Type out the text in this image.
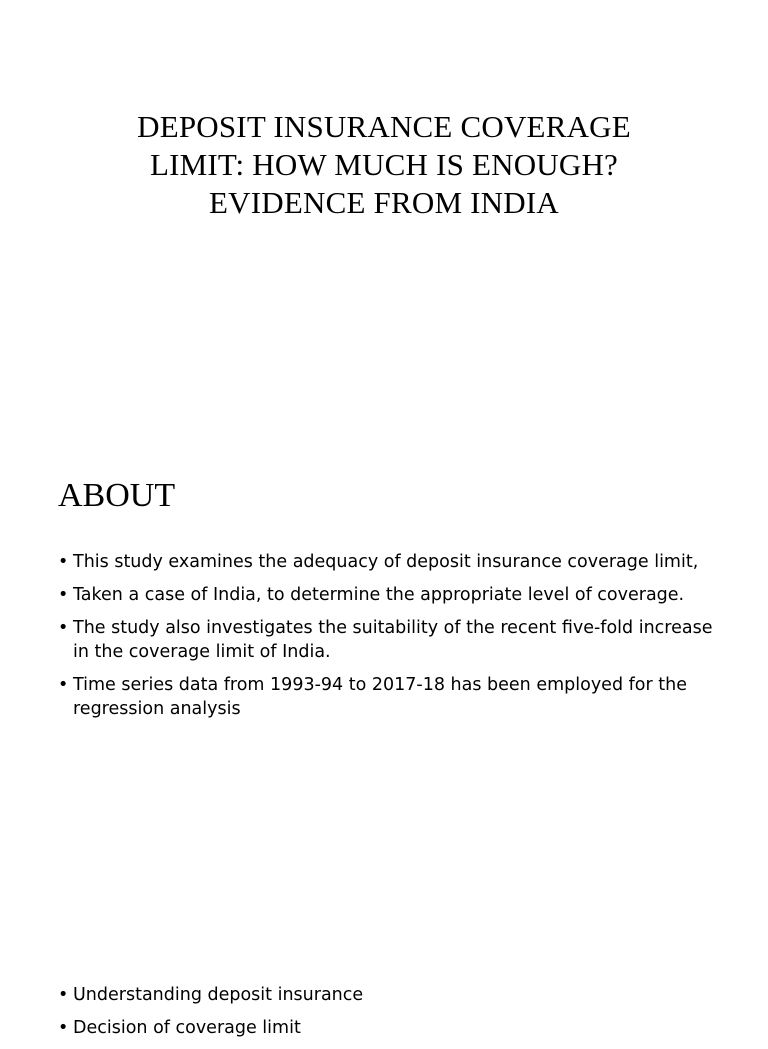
DEPOSIT INSURANCE COVERAGE
LIMIT: HOW MUCH IS ENOUGH?
EVIDENCE FROM INDIA
ABOUT
• This study examines the adequacy of deposit insurance coverage limit,
• Taken a case of India, to determine the appropriate level of coverage.
• The study also investigates the suitability of the recent five-fold increase in the coverage limit of India.
• Time series data from 1993-94 to 2017-18 has been employed for the regression analysis
• Understanding deposit insurance
• Decision of coverage limit
